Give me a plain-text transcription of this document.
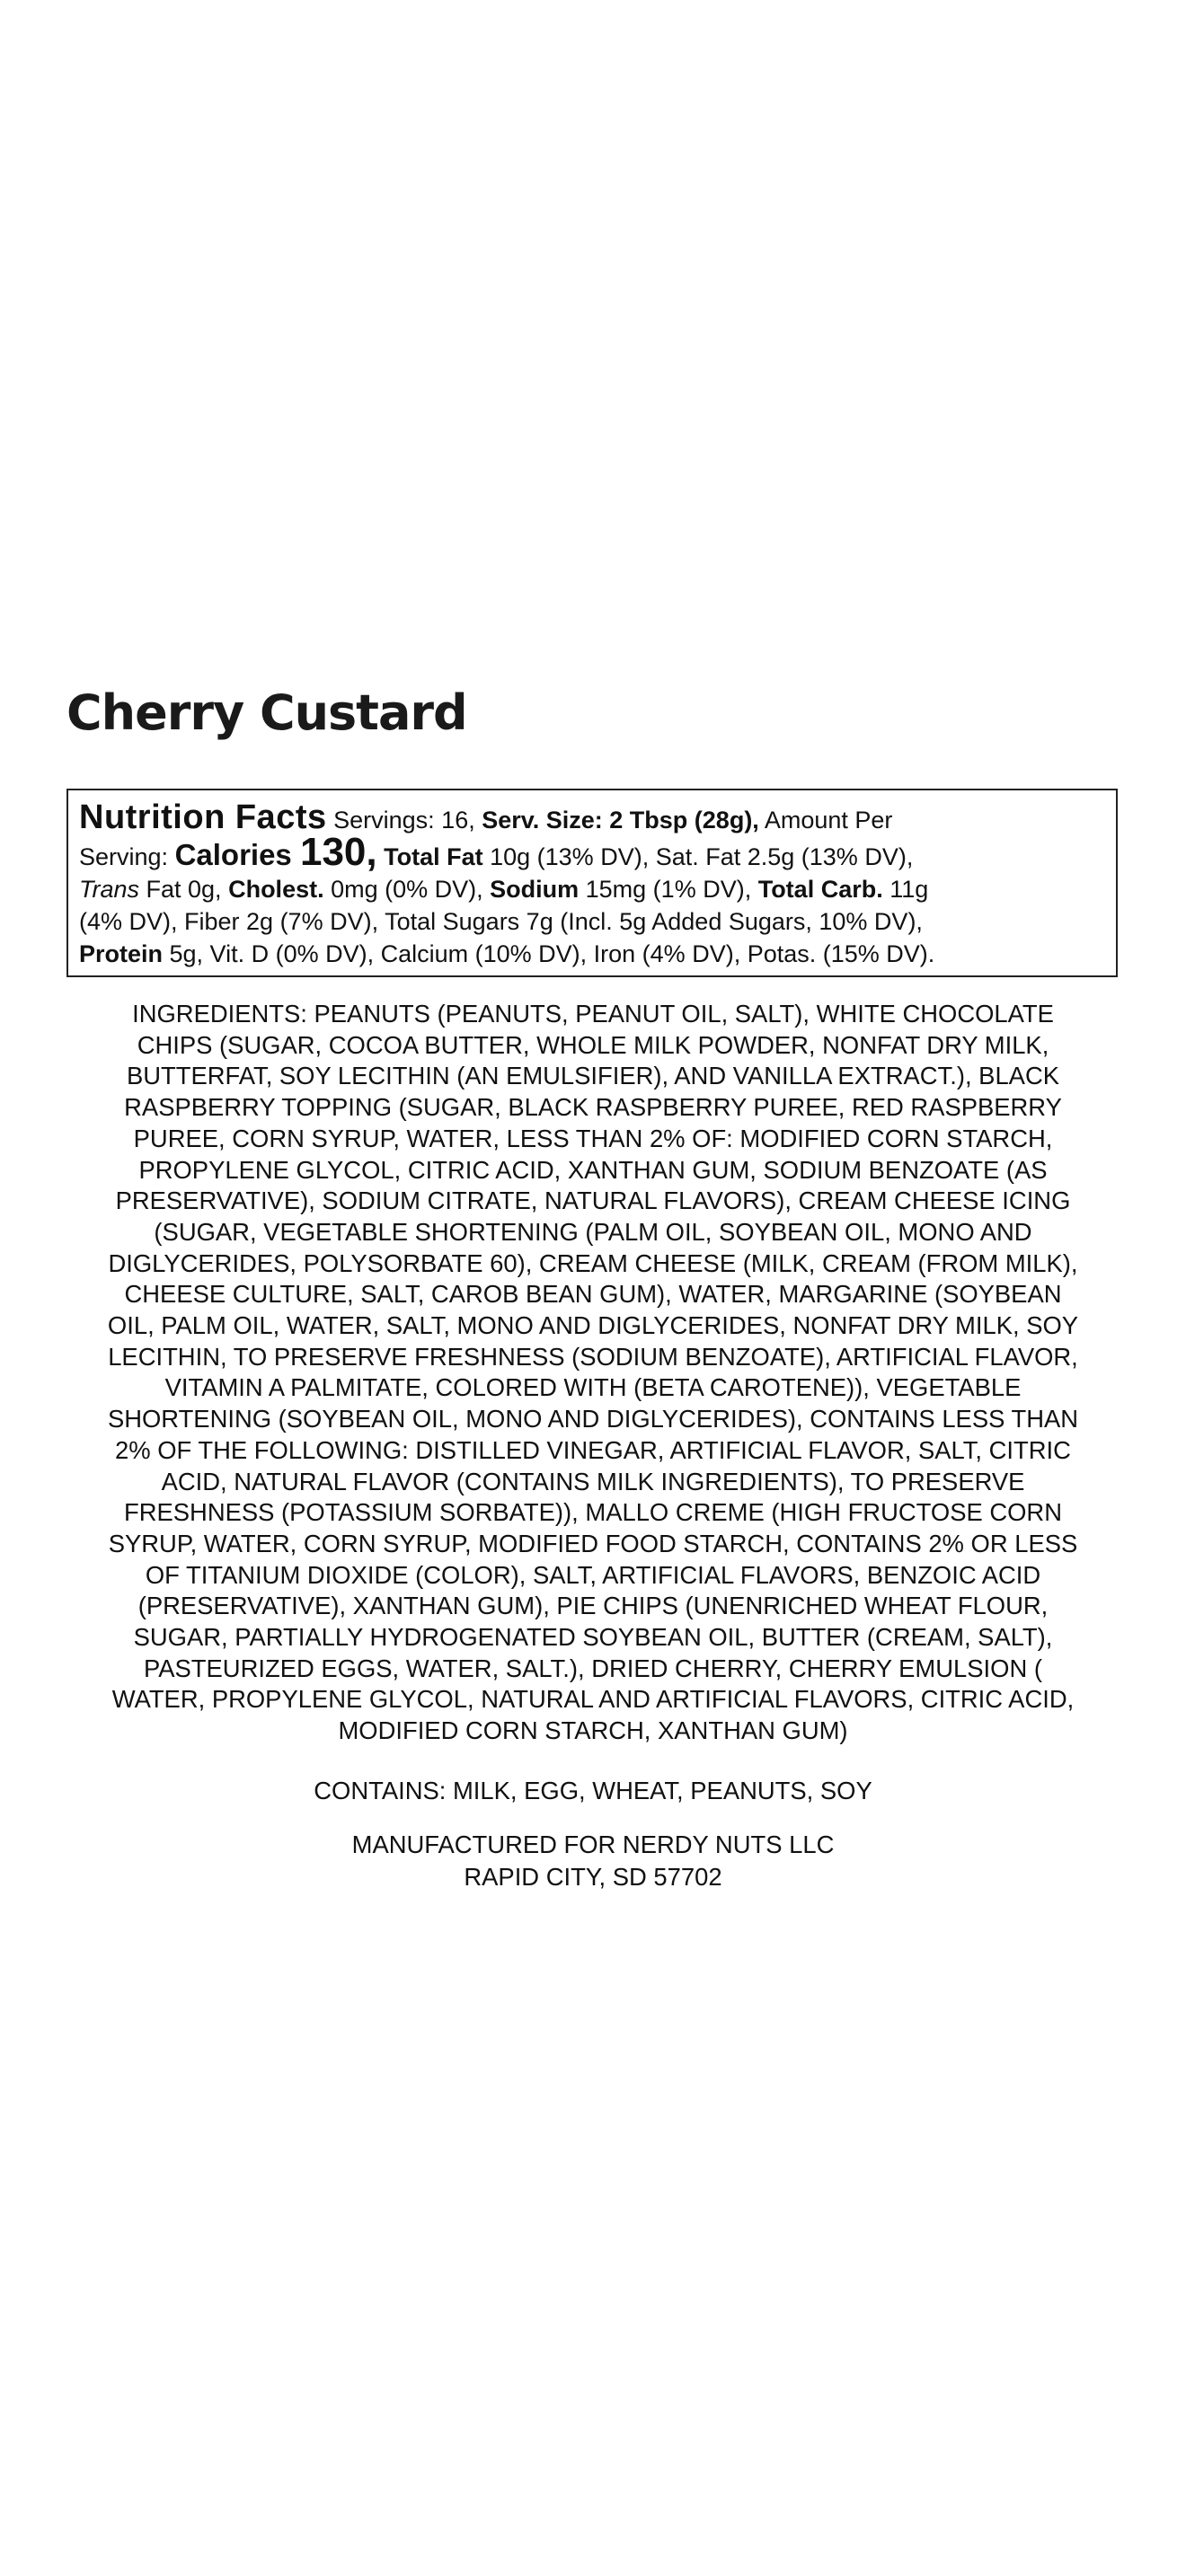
Cherry Custard
Nutrition Facts Servings: 16, Serv. Size: 2 Tbsp (28g), Amount Per
Serving: Calories 130, Total Fat 10g (13% DV), Sat. Fat 2.5g (13% DV),
Trans Fat 0g, Cholest. 0mg (0% DV), Sodium 15mg (1% DV), Total Carb. 11g
(4% DV), Fiber 2g (7% DV), Total Sugars 7g (Incl. 5g Added Sugars, 10% DV),
Protein 5g, Vit. D (0% DV), Calcium (10% DV), Iron (4% DV), Potas. (15% DV).
INGREDIENTS: PEANUTS (PEANUTS, PEANUT OIL, SALT), WHITE CHOCOLATE
CHIPS (SUGAR, COCOA BUTTER, WHOLE MILK POWDER, NONFAT DRY MILK,
BUTTERFAT, SOY LECITHIN (AN EMULSIFIER), AND VANILLA EXTRACT.), BLACK
RASPBERRY TOPPING (SUGAR, BLACK RASPBERRY PUREE, RED RASPBERRY
PUREE, CORN SYRUP, WATER, LESS THAN 2% OF: MODIFIED CORN STARCH,
PROPYLENE GLYCOL, CITRIC ACID, XANTHAN GUM, SODIUM BENZOATE (AS
PRESERVATIVE), SODIUM CITRATE, NATURAL FLAVORS), CREAM CHEESE ICING
(SUGAR, VEGETABLE SHORTENING (PALM OIL, SOYBEAN OIL, MONO AND
DIGLYCERIDES, POLYSORBATE 60), CREAM CHEESE (MILK, CREAM (FROM MILK),
CHEESE CULTURE, SALT, CAROB BEAN GUM), WATER, MARGARINE (SOYBEAN
OIL, PALM OIL, WATER, SALT, MONO AND DIGLYCERIDES, NONFAT DRY MILK, SOY
LECITHIN, TO PRESERVE FRESHNESS (SODIUM BENZOATE), ARTIFICIAL FLAVOR,
VITAMIN A PALMITATE, COLORED WITH (BETA CAROTENE)), VEGETABLE
SHORTENING (SOYBEAN OIL, MONO AND DIGLYCERIDES), CONTAINS LESS THAN
2% OF THE FOLLOWING: DISTILLED VINEGAR, ARTIFICIAL FLAVOR, SALT, CITRIC
ACID, NATURAL FLAVOR (CONTAINS MILK INGREDIENTS), TO PRESERVE
FRESHNESS (POTASSIUM SORBATE)), MALLO CREME (HIGH FRUCTOSE CORN
SYRUP, WATER, CORN SYRUP, MODIFIED FOOD STARCH, CONTAINS 2% OR LESS
OF TITANIUM DIOXIDE (COLOR), SALT, ARTIFICIAL FLAVORS, BENZOIC ACID
(PRESERVATIVE), XANTHAN GUM), PIE CHIPS (UNENRICHED WHEAT FLOUR,
SUGAR, PARTIALLY HYDROGENATED SOYBEAN OIL, BUTTER (CREAM, SALT),
PASTEURIZED EGGS, WATER, SALT.), DRIED CHERRY, CHERRY EMULSION (
WATER, PROPYLENE GLYCOL, NATURAL AND ARTIFICIAL FLAVORS, CITRIC ACID,
MODIFIED CORN STARCH, XANTHAN GUM)
CONTAINS: MILK, EGG, WHEAT, PEANUTS, SOY
MANUFACTURED FOR NERDY NUTS LLC
RAPID CITY, SD 57702
